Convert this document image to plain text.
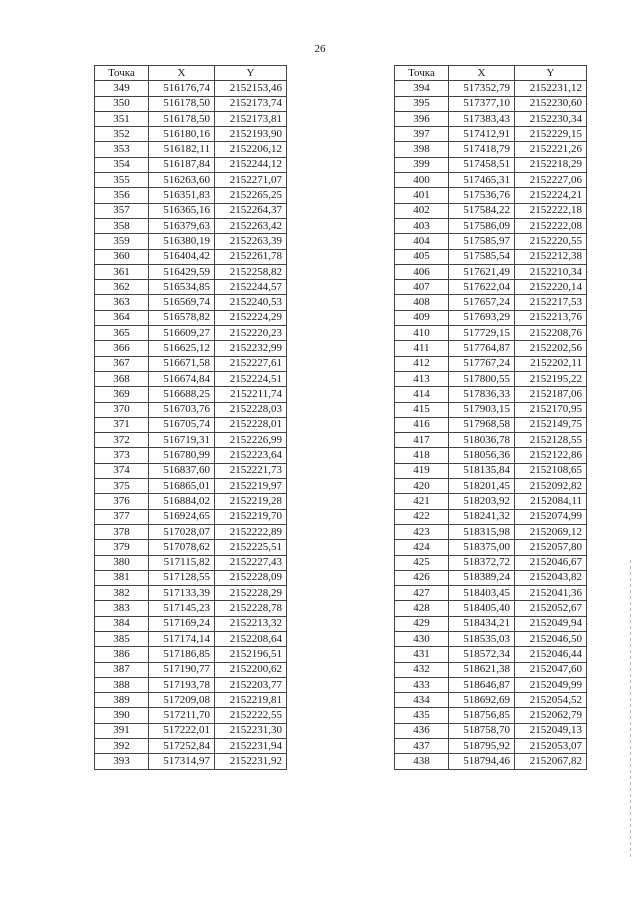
26
Точка	X	Y
349	516176,74	2152153,46
350	516178,50	2152173,74
351	516178,50	2152173,81
352	516180,16	2152193,90
353	516182,11	2152206,12
354	516187,84	2152244,12
355	516263,60	2152271,07
356	516351,83	2152265,25
357	516365,16	2152264,37
358	516379,63	2152263,42
359	516380,19	2152263,39
360	516404,42	2152261,78
361	516429,59	2152258,82
362	516534,85	2152244,57
363	516569,74	2152240,53
364	516578,82	2152224,29
365	516609,27	2152220,23
366	516625,12	2152232,99
367	516671,58	2152227,61
368	516674,84	2152224,51
369	516688,25	2152211,74
370	516703,76	2152228,03
371	516705,74	2152228,01
372	516719,31	2152226,99
373	516780,99	2152223,64
374	516837,60	2152221,73
375	516865,01	2152219,97
376	516884,02	2152219,28
377	516924,65	2152219,70
378	517028,07	2152222,89
379	517078,62	2152225,51
380	517115,82	2152227,43
381	517128,55	2152228,09
382	517133,39	2152228,29
383	517145,23	2152228,78
384	517169,24	2152213,32
385	517174,14	2152208,64
386	517186,85	2152196,51
387	517190,77	2152200,62
388	517193,78	2152203,77
389	517209,08	2152219,81
390	517211,70	2152222,55
391	517222,01	2152231,30
392	517252,84	2152231,94
393	517314,97	2152231,92
Точка	X	Y
394	517352,79	2152231,12
395	517377,10	2152230,60
396	517383,43	2152230,34
397	517412,91	2152229,15
398	517418,79	2152221,26
399	517458,51	2152218,29
400	517465,31	2152227,06
401	517536,76	2152224,21
402	517584,22	2152222,18
403	517586,09	2152222,08
404	517585,97	2152220,55
405	517585,54	2152212,38
406	517621,49	2152210,34
407	517622,04	2152220,14
408	517657,24	2152217,53
409	517693,29	2152213,76
410	517729,15	2152208,76
411	517764,87	2152202,56
412	517767,24	2152202,11
413	517800,55	2152195,22
414	517836,33	2152187,06
415	517903,15	2152170,95
416	517968,58	2152149,75
417	518036,78	2152128,55
418	518056,36	2152122,86
419	518135,84	2152108,65
420	518201,45	2152092,82
421	518203,92	2152084,11
422	518241,32	2152074,99
423	518315,98	2152069,12
424	518375,00	2152057,80
425	518372,72	2152046,67
426	518389,24	2152043,82
427	518403,45	2152041,36
428	518405,40	2152052,67
429	518434,21	2152049,94
430	518535,03	2152046,50
431	518572,34	2152046,44
432	518621,38	2152047,60
433	518646,87	2152049,99
434	518692,69	2152054,52
435	518756,85	2152062,79
436	518758,70	2152049,13
437	518795,92	2152053,07
438	518794,46	2152067,82
